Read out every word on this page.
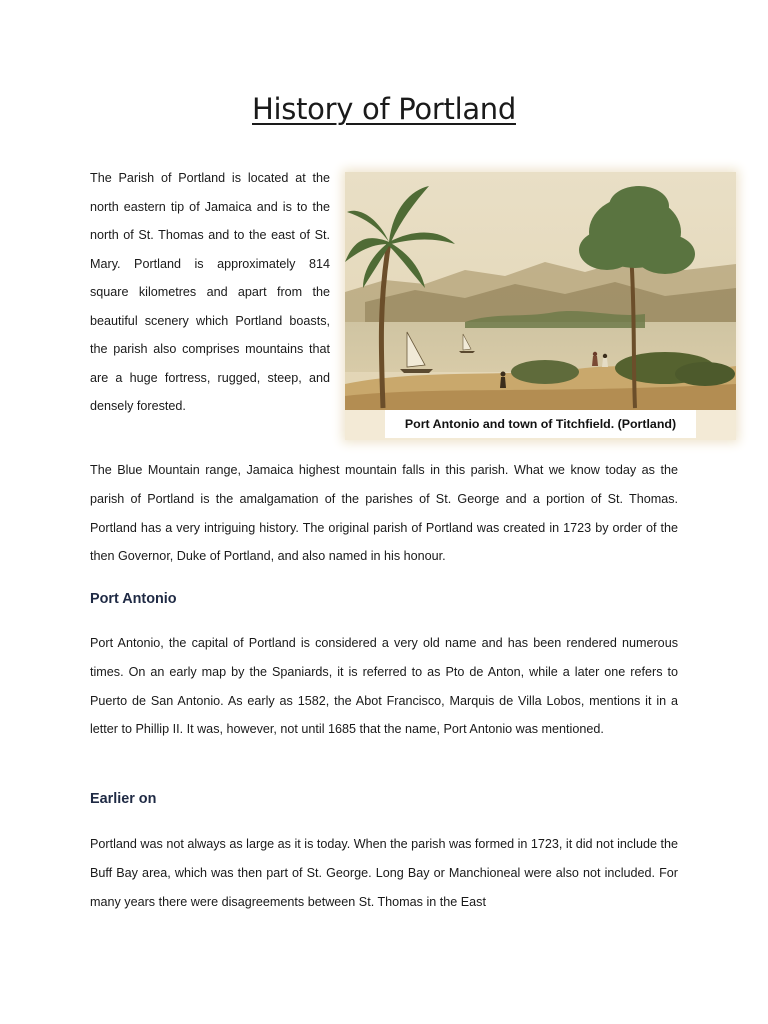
History of Portland

The Parish of Portland is located at the north eastern tip of Jamaica and is to the north of St. Thomas and to the east of St. Mary. Portland is approximately 814 square kilometres and apart from the beautiful scenery which Portland boasts, the parish also comprises mountains that are a huge fortress, rugged, steep, and densely forested.

Port Antonio and town of Titchfield. (Portland)

The Blue Mountain range, Jamaica highest mountain falls in this parish. What we know today as the parish of Portland is the amalgamation of the parishes of St. George and a portion of St. Thomas. Portland has a very intriguing history. The original parish of Portland was created in 1723 by order of the then Governor, Duke of Portland, and also named in his honour.

Port Antonio

Port Antonio, the capital of Portland is considered a very old name and has been rendered numerous times. On an early map by the Spaniards, it is referred to as Pto de Anton, while a later one refers to Puerto de San Antonio. As early as 1582, the Abot Francisco, Marquis de Villa Lobos, mentions it in a letter to Phillip II. It was, however, not until 1685 that the name, Port Antonio was mentioned.

Earlier on

Portland was not always as large as it is today. When the parish was formed in 1723, it did not include the Buff Bay area, which was then part of St. George. Long Bay or Manchioneal were also not included. For many years there were disagreements between St. Thomas in the East
